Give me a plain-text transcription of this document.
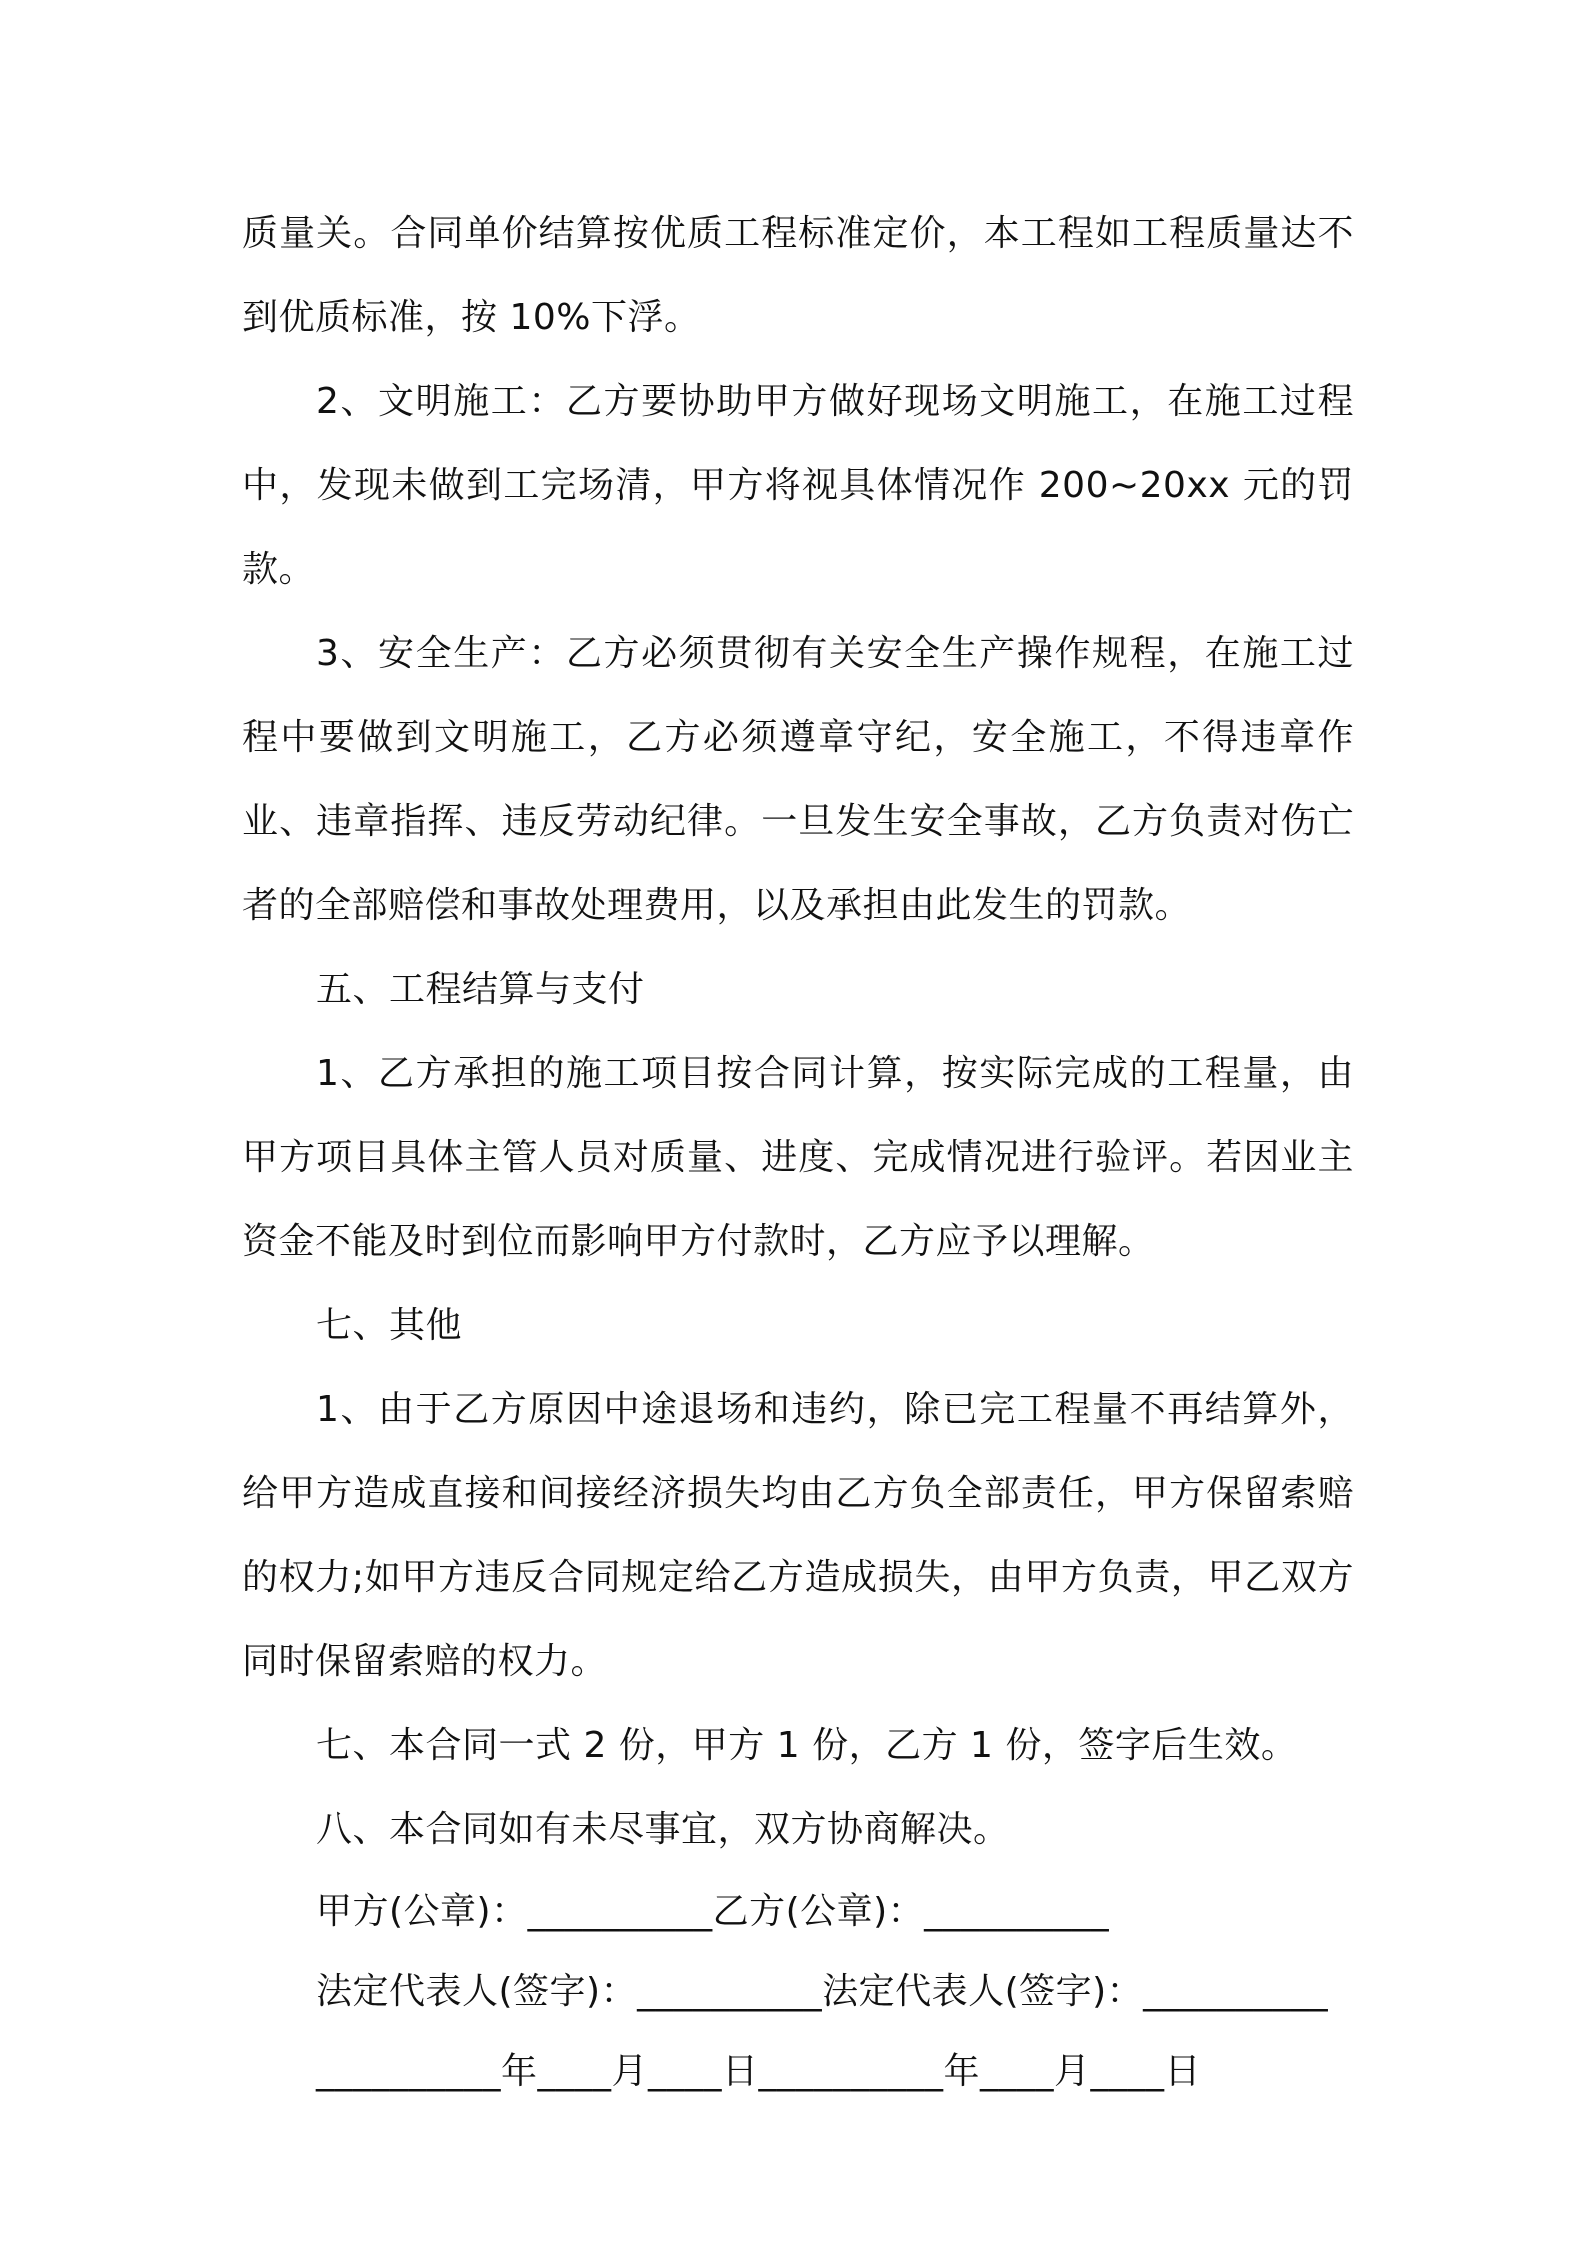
质量关。合同单价结算按优质工程标准定价，本工程如工程质量达不到优质标准，按 10%下浮。

2、文明施工：乙方要协助甲方做好现场文明施工，在施工过程中，发现未做到工完场清，甲方将视具体情况作 200~20xx 元的罚款。

3、安全生产：乙方必须贯彻有关安全生产操作规程，在施工过程中要做到文明施工，乙方必须遵章守纪，安全施工，不得违章作业、违章指挥、违反劳动纪律。一旦发生安全事故，乙方负责对伤亡者的全部赔偿和事故处理费用，以及承担由此发生的罚款。

五、工程结算与支付

1、乙方承担的施工项目按合同计算，按实际完成的工程量，由甲方项目具体主管人员对质量、进度、完成情况进行验评。若因业主资金不能及时到位而影响甲方付款时，乙方应予以理解。

七、其他

1、由于乙方原因中途退场和违约，除已完工程量不再结算外，给甲方造成直接和间接经济损失均由乙方负全部责任，甲方保留索赔的权力;如甲方违反合同规定给乙方造成损失，由甲方负责，甲乙双方同时保留索赔的权力。

七、本合同一式 2 份，甲方 1 份，乙方 1 份，签字后生效。

八、本合同如有未尽事宜，双方协商解决。

甲方(公章)：__________乙方(公章)：__________
法定代表人(签字)：__________法定代表人(签字)：__________
__________年____月____日__________年____月____日
